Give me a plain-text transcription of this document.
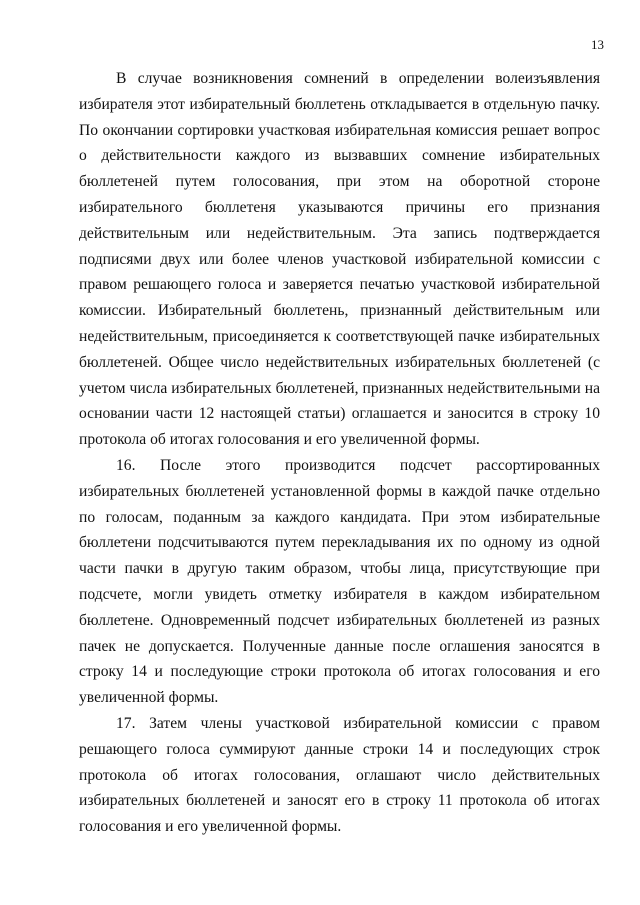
13

В случае возникновения сомнений в определении волеизъявления избирателя этот избирательный бюллетень откладывается в отдельную пачку. По окончании сортировки участковая избирательная комиссия решает вопрос о действительности каждого из вызвавших сомнение избирательных бюллетеней путем голосования, при этом на оборотной стороне избирательного бюллетеня указываются причины его признания действительным или недействительным. Эта запись подтверждается подписями двух или более членов участковой избирательной комиссии с правом решающего голоса и заверяется печатью участковой избирательной комиссии. Избирательный бюллетень, признанный действительным или недействительным, присоединяется к соответствующей пачке избирательных бюллетеней. Общее число недействительных избирательных бюллетеней (с учетом числа избирательных бюллетеней, признанных недействительными на основании части 12 настоящей статьи) оглашается и заносится в строку 10 протокола об итогах голосования и его увеличенной формы.

16. После этого производится подсчет рассортированных избирательных бюллетеней установленной формы в каждой пачке отдельно по голосам, поданным за каждого кандидата. При этом избирательные бюллетени подсчитываются путем перекладывания их по одному из одной части пачки в другую таким образом, чтобы лица, присутствующие при подсчете, могли увидеть отметку избирателя в каждом избирательном бюллетене. Одновременный подсчет избирательных бюллетеней из разных пачек не допускается. Полученные данные после оглашения заносятся в строку 14 и последующие строки протокола об итогах голосования и его увеличенной формы.

17. Затем члены участковой избирательной комиссии с правом решающего голоса суммируют данные строки 14 и последующих строк протокола об итогах голосования, оглашают число действительных избирательных бюллетеней и заносят его в строку 11 протокола об итогах голосования и его увеличенной формы.
